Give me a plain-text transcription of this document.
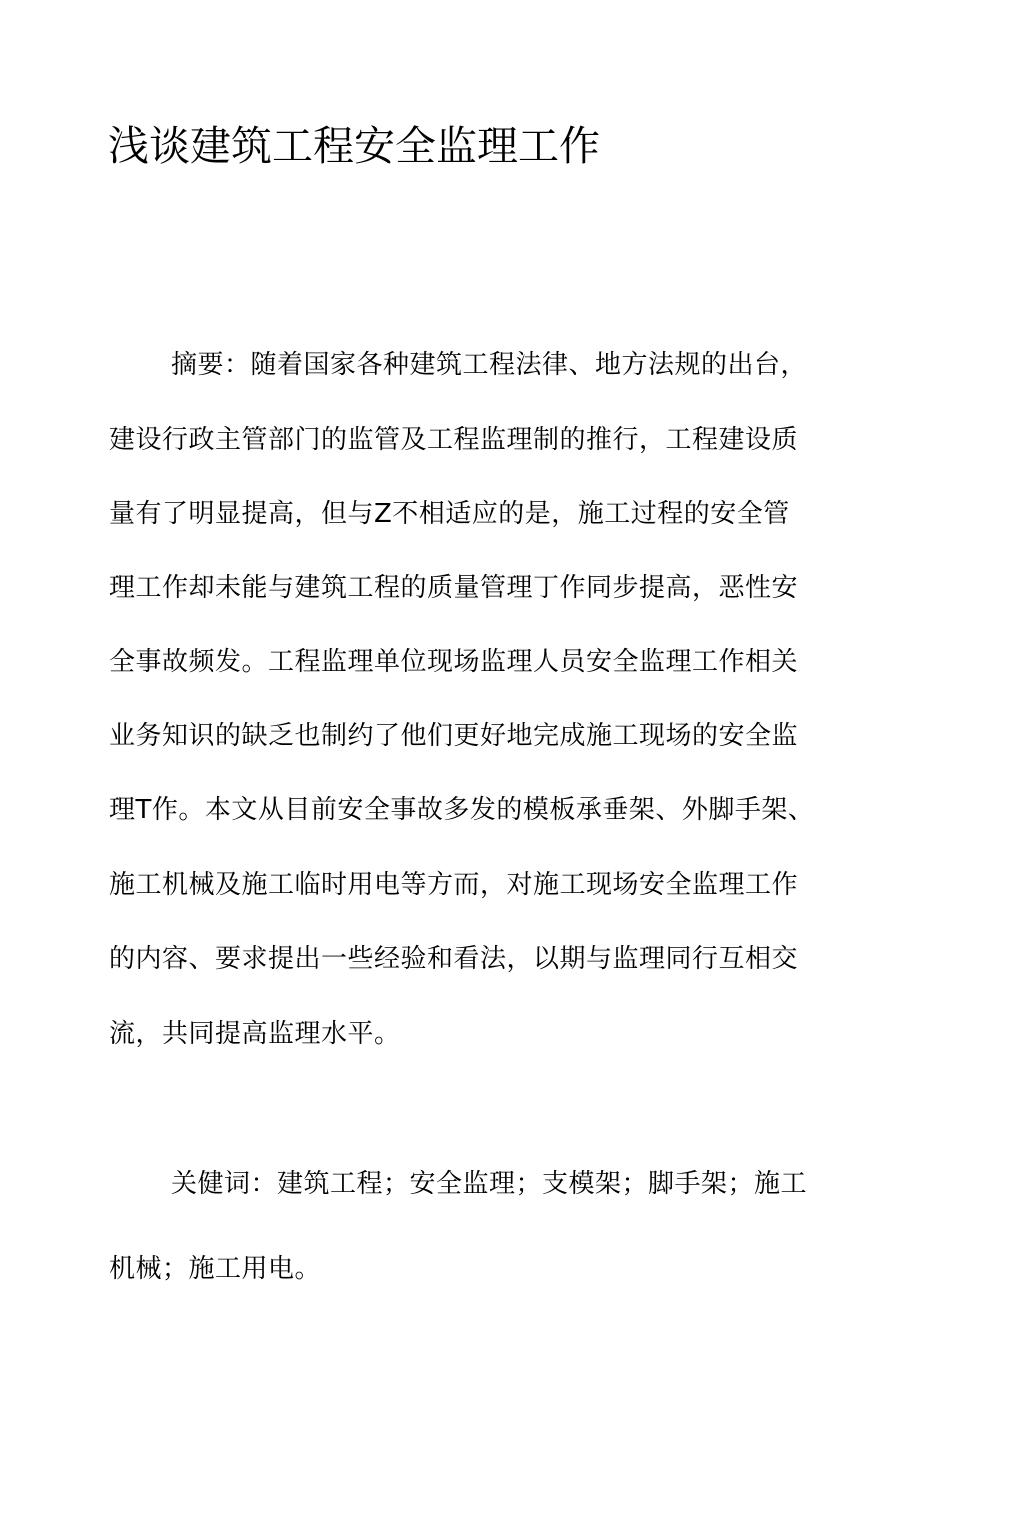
浅谈建筑工程安全监理工作

摘要：随着国家各种建筑工程法律、地方法规的出台，

建设行政主管部门的监管及工程监理制的推行，工程建设质

量有了明显提高，但与Z不相适应的是，施工过程的安全管

理工作却未能与建筑工程的质量管理丁作同步提高，恶性安

全事故频发。工程监理单位现场监理人员安全监理工作相关

业务知识的缺乏也制约了他们更好地完成施工现场的安全监

理T作。本文从目前安全事故多发的模板承垂架、外脚手架、

施工机械及施工临时用电等方而，对施工现场安全监理工作

的内容、要求提出一些经验和看法，以期与监理同行互相交

流，共同提高监理水平。

关健词：建筑工程；安全监理；支模架；脚手架；施工

机械；施工用电。
